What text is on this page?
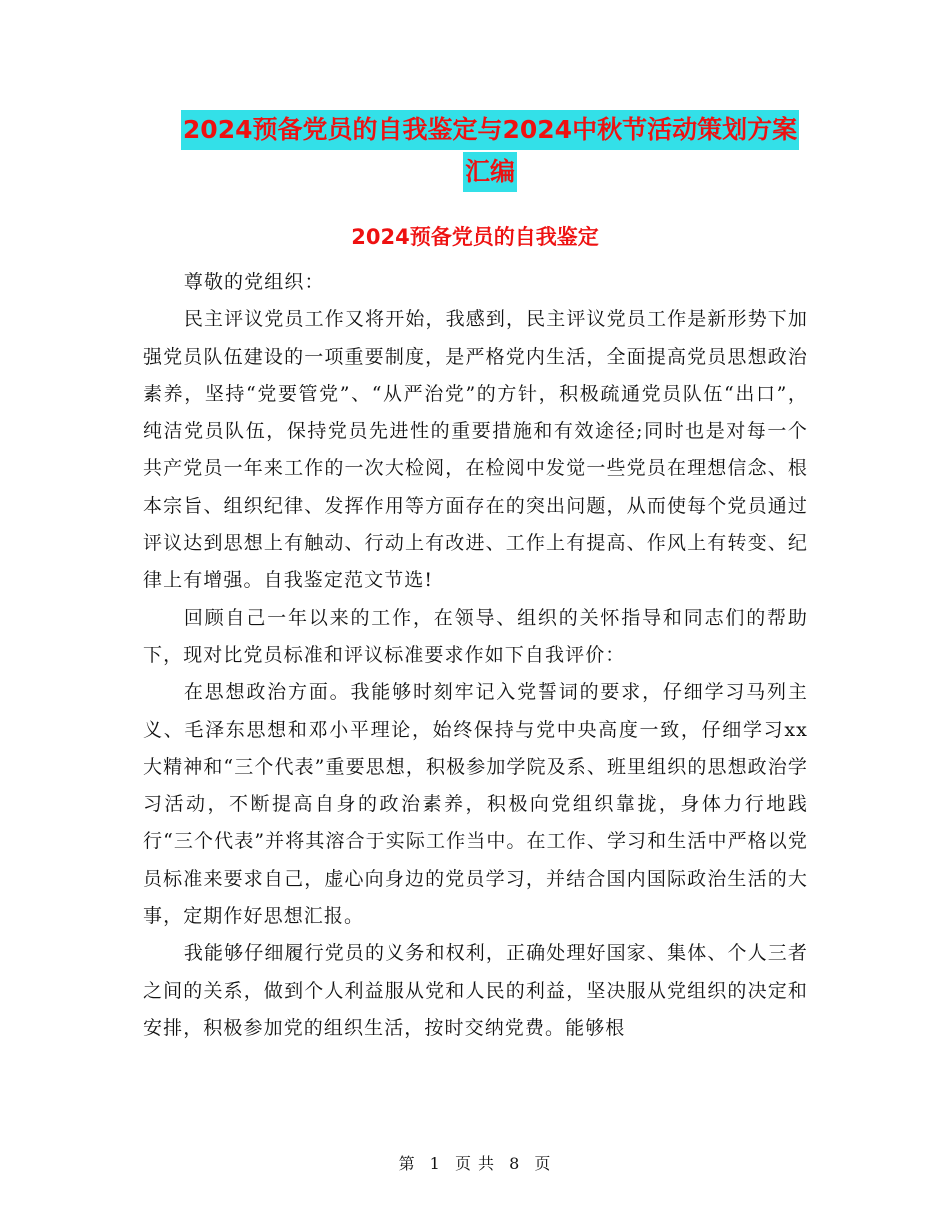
2024预备党员的自我鉴定与2024中秋节活动策划方案
汇编
2024预备党员的自我鉴定

尊敬的党组织：

民主评议党员工作又将开始，我感到，民主评议党员工作是新形势下加强党员队伍建设的一项重要制度，是严格党内生活，全面提高党员思想政治素养，坚持“党要管党”、“从严治党”的方针，积极疏通党员队伍“出口”，纯洁党员队伍，保持党员先进性的重要措施和有效途径;同时也是对每一个共产党员一年来工作的一次大检阅，在检阅中发觉一些党员在理想信念、根本宗旨、组织纪律、发挥作用等方面存在的突出问题，从而使每个党员通过评议达到思想上有触动、行动上有改进、工作上有提高、作风上有转变、纪律上有增强。自我鉴定范文节选!

回顾自己一年以来的工作，在领导、组织的关怀指导和同志们的帮助下，现对比党员标准和评议标准要求作如下自我评价：

在思想政治方面。我能够时刻牢记入党誓词的要求，仔细学习马列主义、毛泽东思想和邓小平理论，始终保持与党中央高度一致，仔细学习xx大精神和“三个代表”重要思想，积极参加学院及系、班里组织的思想政治学习活动，不断提高自身的政治素养，积极向党组织靠拢，身体力行地践行“三个代表”并将其溶合于实际工作当中。在工作、学习和生活中严格以党员标准来要求自己，虚心向身边的党员学习，并结合国内国际政治生活的大事，定期作好思想汇报。

我能够仔细履行党员的义务和权利，正确处理好国家、集体、个人三者之间的关系，做到个人利益服从党和人民的利益，坚决服从党组织的决定和安排，积极参加党的组织生活，按时交纳党费。能够根

第 1 页 共 8 页
